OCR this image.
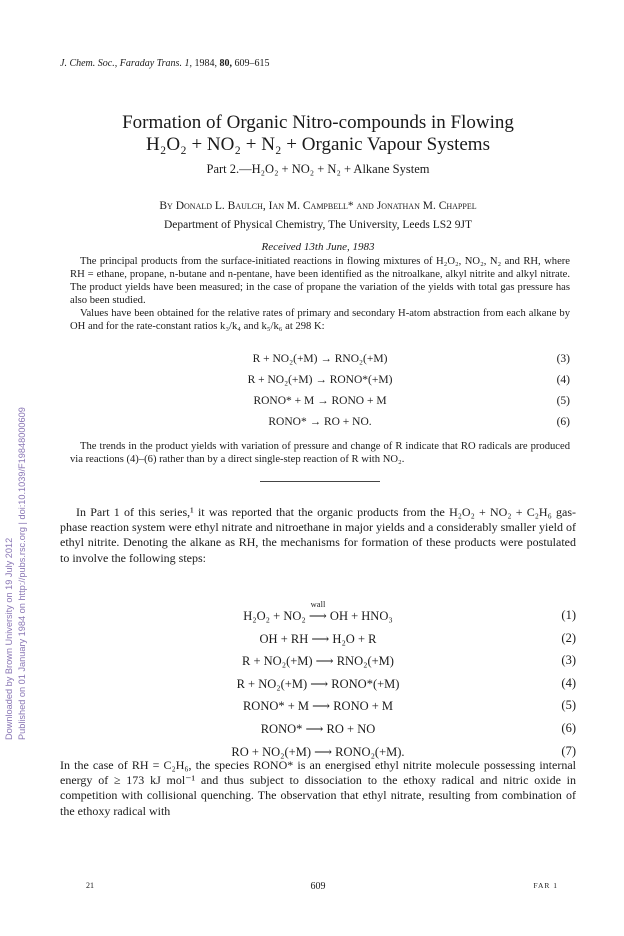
Downloaded by Brown University on 19 July 2012 Published on 01 January 1984 on http://pubs.rsc.org | doi:10.1039/F19848000609
J. Chem. Soc., Faraday Trans. 1, 1984, 80, 609–615
Formation of Organic Nitro-compounds in Flowing
H₂O₂ + NO₂ + N₂ + Organic Vapour Systems
Part 2.—H₂O₂ + NO₂ + N₂ + Alkane System
By Donald L. Baulch, Ian M. Campbell* and Jonathan M. Chappel
Department of Physical Chemistry, The University, Leeds LS2 9JT
Received 13th June, 1983

The principal products from the surface-initiated reactions in flowing mixtures of H₂O₂, NO₂, N₂ and RH, where RH = ethane, propane, n-butane and n-pentane, have been identified as the nitroalkane, alkyl nitrite and alkyl nitrate. The product yields have been measured; in the case of propane the variation of the yields with total gas pressure has also been studied.

Values have been obtained for the relative rates of primary and secondary H-atom abstraction from each alkane by OH and for the rate-constant ratios k₃/k₄ and k₅/k₆ at 298 K:

R + NO₂(+M) → RNO₂(+M)	(3)
R + NO₂(+M) → RONO*(+M)	(4)
RONO* + M → RONO + M	(5)
RONO* → RO + NO.	(6)

The trends in the product yields with variation of pressure and change of R indicate that RO radicals are produced via reactions (4)–(6) rather than by a direct single-step reaction of R with NO₂.

In Part 1 of this series,¹ it was reported that the organic products from the H₂O₂ + NO₂ + C₂H₆ gas-phase reaction system were ethyl nitrate and nitroethane in major yields and a considerably smaller yield of ethyl nitrite. Denoting the alkane as RH, the mechanisms for formation of these products were postulated to involve the following steps:

wall
H₂O₂ + NO₂ ⟶ OH + HNO₃	(1)
OH + RH ⟶ H₂O + R	(2)
R + NO₂(+M) ⟶ RNO₂(+M)	(3)
R + NO₂(+M) ⟶ RONO*(+M)	(4)
RONO* + M ⟶ RONO + M	(5)
RONO* ⟶ RO + NO	(6)
RO + NO₂(+M) ⟶ RONO₂(+M).	(7)

In the case of RH = C₂H₆, the species RONO* is an energised ethyl nitrite molecule possessing internal energy of ≥ 173 kJ mol⁻¹ and thus subject to dissociation to the ethoxy radical and nitric oxide in competition with collisional quenching. The observation that ethyl nitrate, resulting from combination of the ethoxy radical with

21	609	FAR 1
